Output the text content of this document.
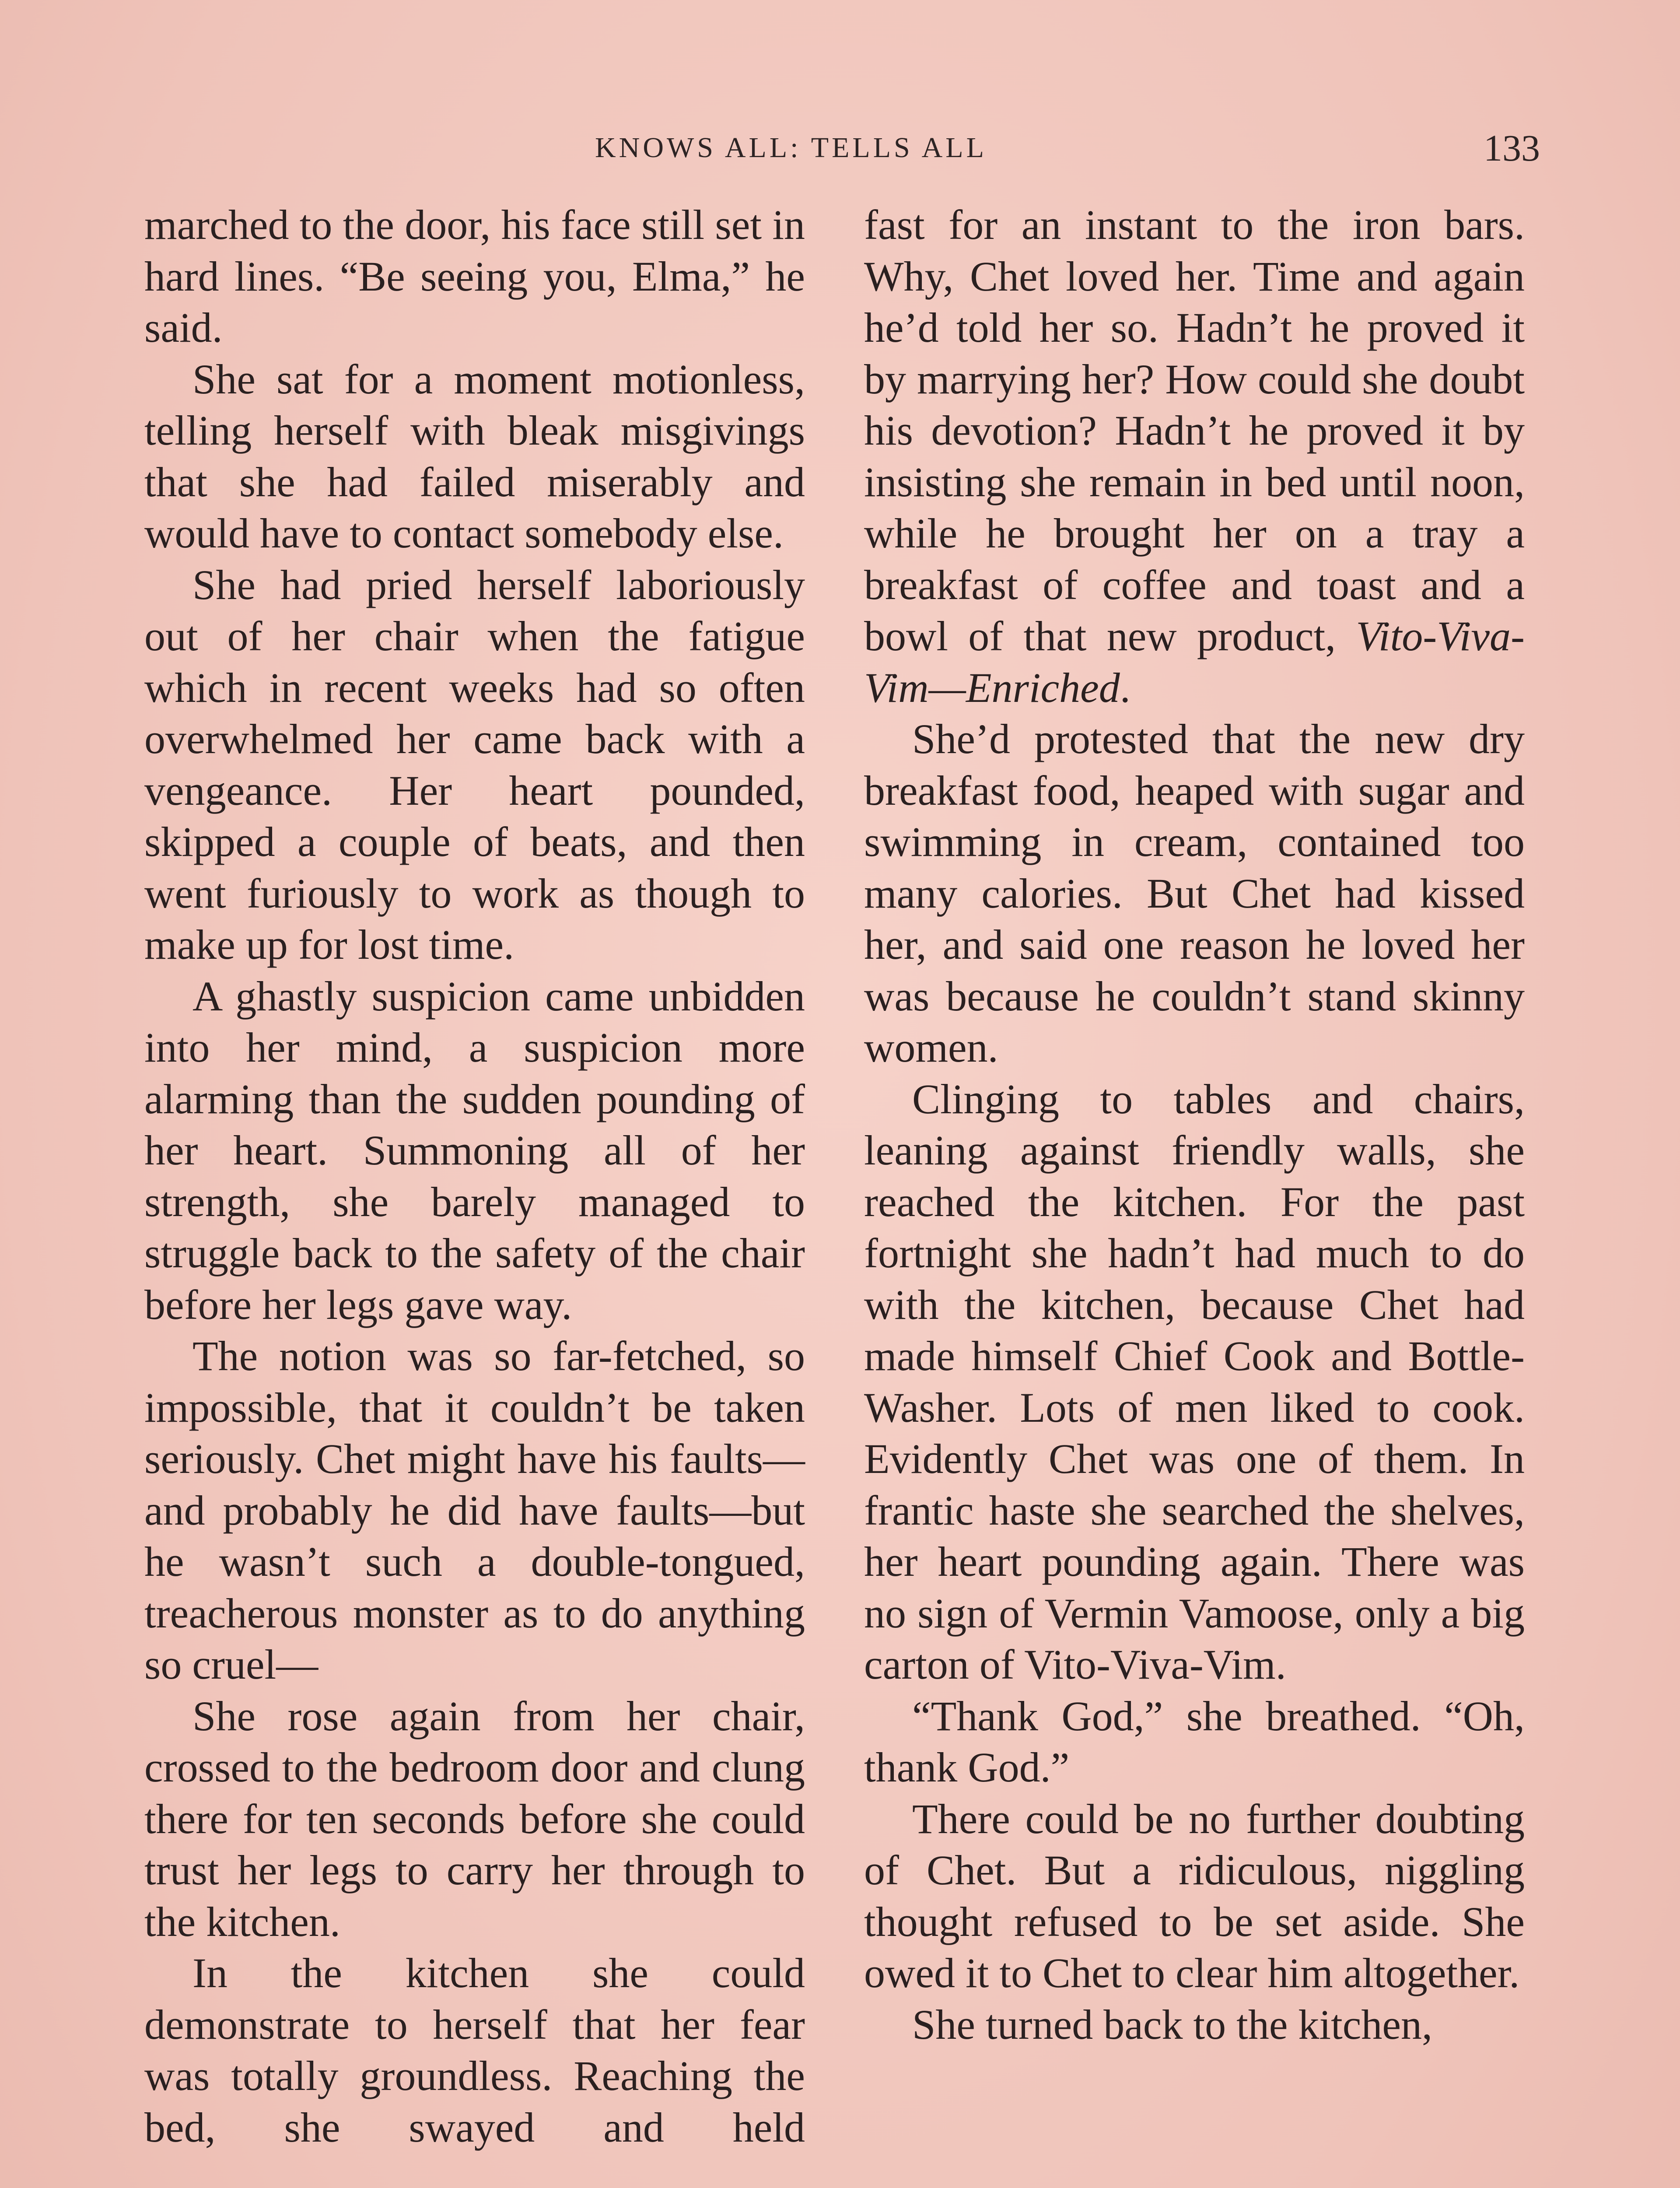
KNOWS ALL: TELLS ALL	133

marched to the door, his face still set in hard lines. “Be seeing you, Elma,” he said.

She sat for a moment motionless, telling herself with bleak misgivings that she had failed miserably and would have to contact somebody else.

She had pried herself laboriously out of her chair when the fatigue which in recent weeks had so often overwhelmed her came back with a vengeance. Her heart pounded, skipped a couple of beats, and then went furiously to work as though to make up for lost time.

A ghastly suspicion came unbidden into her mind, a suspicion more alarming than the sudden pounding of her heart. Summoning all of her strength, she barely managed to struggle back to the safety of the chair before her legs gave way.

The notion was so far-fetched, so impossible, that it couldn’t be taken seriously. Chet might have his faults—and probably he did have faults—but he wasn’t such a double-tongued, treacherous monster as to do anything so cruel—

She rose again from her chair, crossed to the bedroom door and clung there for ten seconds before she could trust her legs to carry her through to the kitchen.

In the kitchen she could demonstrate to herself that her fear was totally groundless. Reaching the bed, she swayed and held

fast for an instant to the iron bars. Why, Chet loved her. Time and again he’d told her so. Hadn’t he proved it by marrying her? How could she doubt his devotion? Hadn’t he proved it by insisting she remain in bed until noon, while he brought her on a tray a breakfast of coffee and toast and a bowl of that new product, Vito-Viva-Vim—Enriched.

She’d protested that the new dry breakfast food, heaped with sugar and swimming in cream, contained too many calories. But Chet had kissed her, and said one reason he loved her was because he couldn’t stand skinny women.

Clinging to tables and chairs, leaning against friendly walls, she reached the kitchen. For the past fortnight she hadn’t had much to do with the kitchen, because Chet had made himself Chief Cook and Bottle-Washer. Lots of men liked to cook. Evidently Chet was one of them. In frantic haste she searched the shelves, her heart pounding again. There was no sign of Vermin Vamoose, only a big carton of Vito-Viva-Vim.

“Thank God,” she breathed. “Oh, thank God.”

There could be no further doubting of Chet. But a ridiculous, niggling thought refused to be set aside. She owed it to Chet to clear him altogether.

She turned back to the kitchen,
